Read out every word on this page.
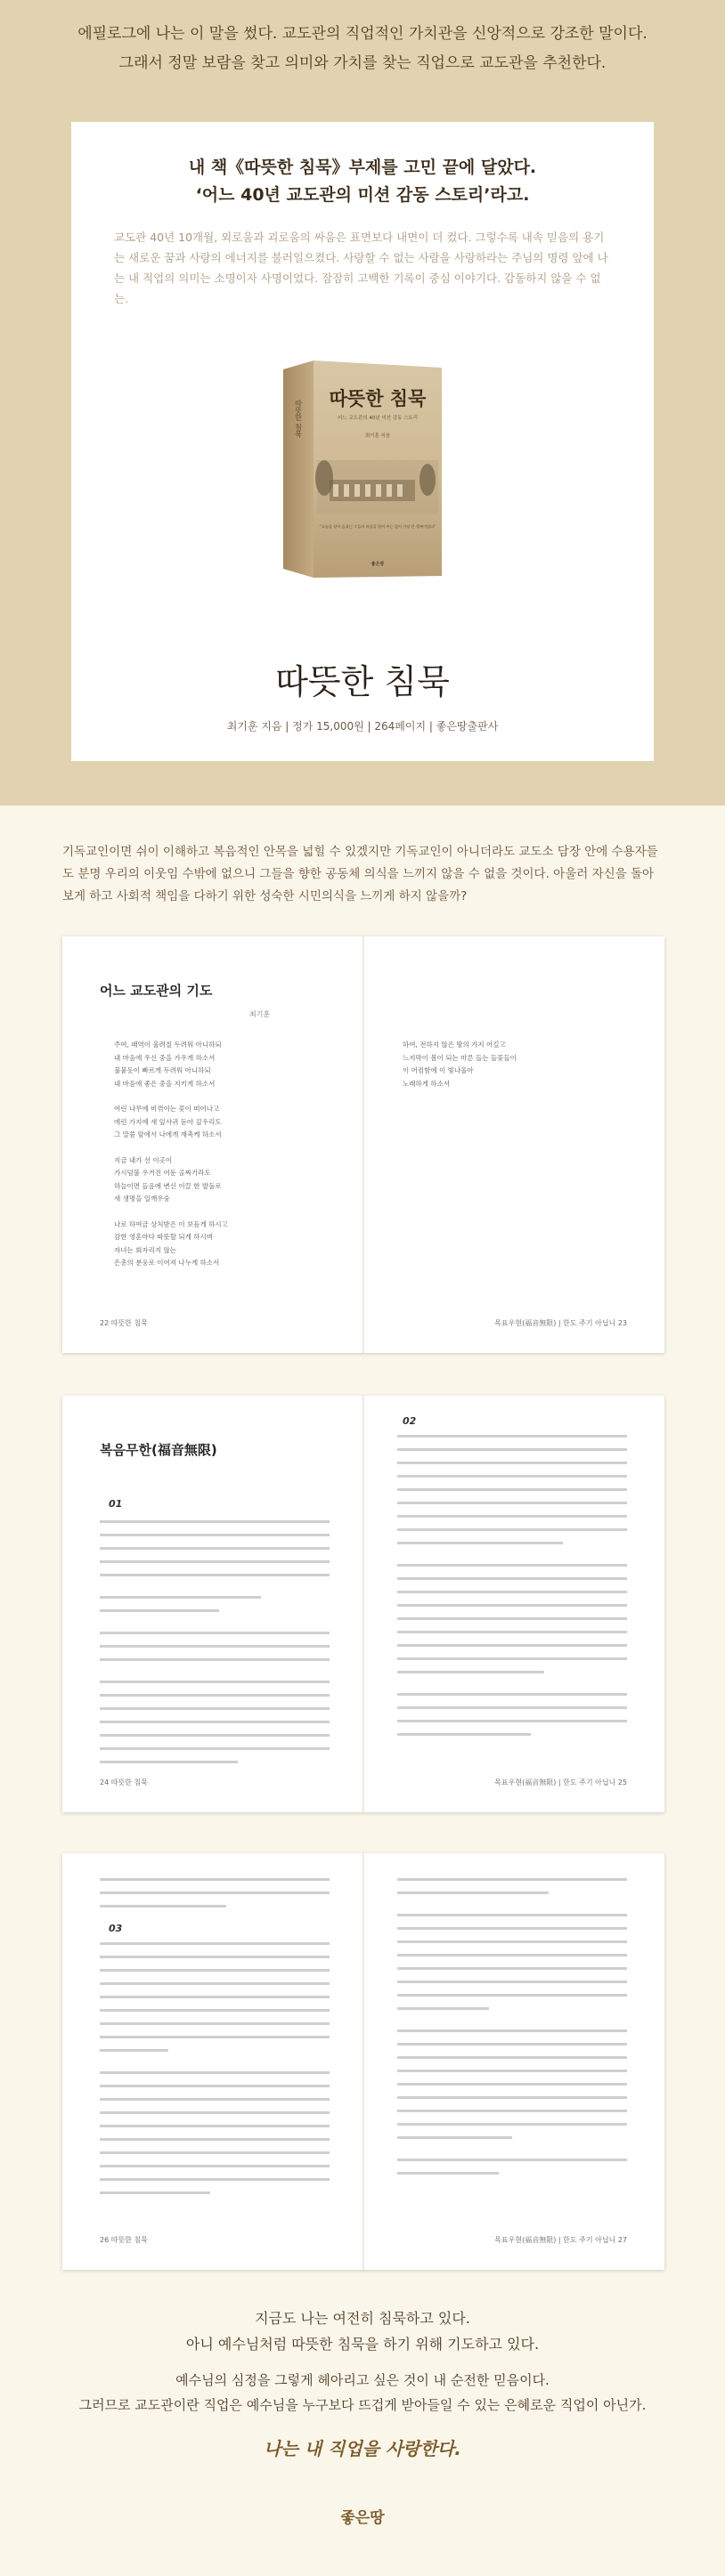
에필로그에 나는 이 말을 썼다. 교도관의 직업적인 가치관을 신앙적으로 강조한 말이다.
그래서 정말 보람을 찾고 의미와 가치를 찾는 직업으로 교도관을 추천한다.
내 책《따뜻한 침묵》부제를 고민 끝에 달았다.
‘어느 40년 교도관의 미션 감동 스토리’라고.
교도관 40년 10개월, 외로움과 괴로움의 싸움은 표면보다 내면이 더 컸다. 그렇수록 내속 믿음의 용기는 새로운 꿈과 사랑의 에너지를 불러일으켰다. 사랑할 수 없는 사람을 사랑하라는 주님의 명령 앞에 나는 내 직업의 의미는 소명이자 사명이었다. 잠잠히 고백한 기록이 중심 이야기다. 감동하지 않을 수 없는.
따뜻한 침묵
따뜻한 침묵
어느 교도관의 40년 미션 감동 스토리
최기훈 지음
“오늘을 살아 숨쉬는 그들의 마음을 열어 주는 일이 가장 큰 행복이었다”
좋은땅
따뜻한 침묵
최기훈 지음 | 정가 15,000원 | 264페이지 | 좋은땅출판사
기독교인이면 쉬이 이해하고 복음적인 안목을 넓힐 수 있겠지만 기독교인이 아니더라도 교도소 담장 안에 수용자들도 분명 우리의 이웃임 수밖에 없으니 그들을 향한 공동체 의식을 느끼지 않을 수 없을 것이다. 아울러 자신을 돌아보게 하고 사회적 책임을 다하기 위한 성숙한 시민의식을 느끼게 하지 않을까?
어느 교도관의 기도
최기훈
주여, 패역이 울려칠 두려워 아니하되
내 마음에 우신 중을 가우게 하소서
불붙듯이 빠르게 두려워 아니하되
내 마음에 좋은 중을 지키게 하소서
여린 나무에 비꺾이는 꽃이 떠어나고
에린 가지에 새 잎사귀 돋아 깊우리도
그 말씀 앞에서 나에게 재촉케 하소서
지금 내가 선 이곳이
가시덤불 우거진 어둔 골짜기라도
하늘이면 들음에 변신 이끌 한 발돌로
새 생명을 일깨우숭
나로 하여금 상처받은 이 보듬게 하시고
감한 영혼마다 따뜻할 되게 하시며
자녀는 회자리지 않는
은총의 분웅로 이어져 나누게 하소서
22 따뜻한 침묵
하여, 전하지 않은 땅의 가지 어길고
느지막이 봄이 되는 마른 들는 들꽃들이
이 어컴함에 이 빛나올아
노래하게 하소서
목표우현(福音無限) | 한도 주기 아닙니 23
복음무한(福音無限)
01
24 따뜻한 침묵
02
목표우현(福音無限) | 한도 주기 아닙니 25
03
26 따뜻한 침묵	목표우현(福音無限) | 한도 주기 아닙니 27
지금도 나는 여전히 침묵하고 있다.
아니 예수님처럼 따뜻한 침묵을 하기 위해 기도하고 있다.
예수님의 심정을 그렇게 헤아리고 싶은 것이 내 순전한 믿음이다.
그러므로 교도관이란 직업은 예수님을 누구보다 뜨겁게 받아들일 수 있는 은혜로운 직업이 아닌가.
나는 내 직업을 사랑한다.
좋은땅
